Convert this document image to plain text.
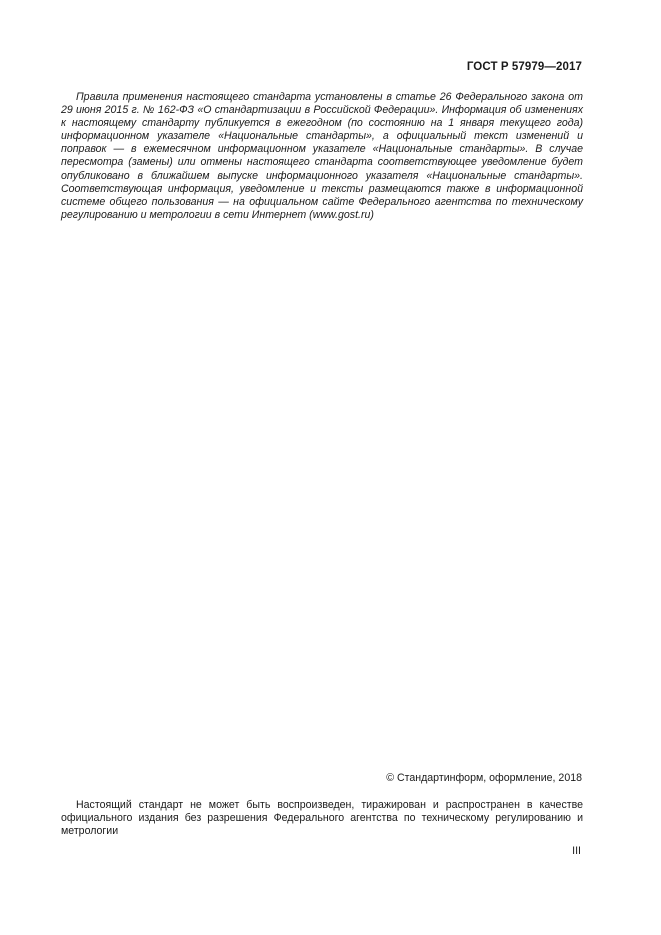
ГОСТ Р 57979—2017

Правила применения настоящего стандарта установлены в статье 26 Федерального закона от 29 июня 2015 г. № 162-ФЗ «О стандартизации в Российской Федерации». Информация об изменениях к настоящему стандарту публикуется в ежегодном (по состоянию на 1 января текущего года) информационном указателе «Национальные стандарты», а официальный текст изменений и поправок — в ежемесячном информационном указателе «Национальные стандарты». В случае пересмотра (замены) или отмены настоящего стандарта соответствующее уведомление будет опубликовано в ближайшем выпуске информационного указателя «Национальные стандарты». Соответствующая информация, уведомление и тексты размещаются также в информационной системе общего пользования — на официальном сайте Федерального агентства по техническому регулированию и метрологии в сети Интернет (www.gost.ru)

© Стандартинформ, оформление, 2018

Настоящий стандарт не может быть воспроизведен, тиражирован и распространен в качестве официального издания без разрешения Федерального агентства по техническому регулированию и метрологии

III
